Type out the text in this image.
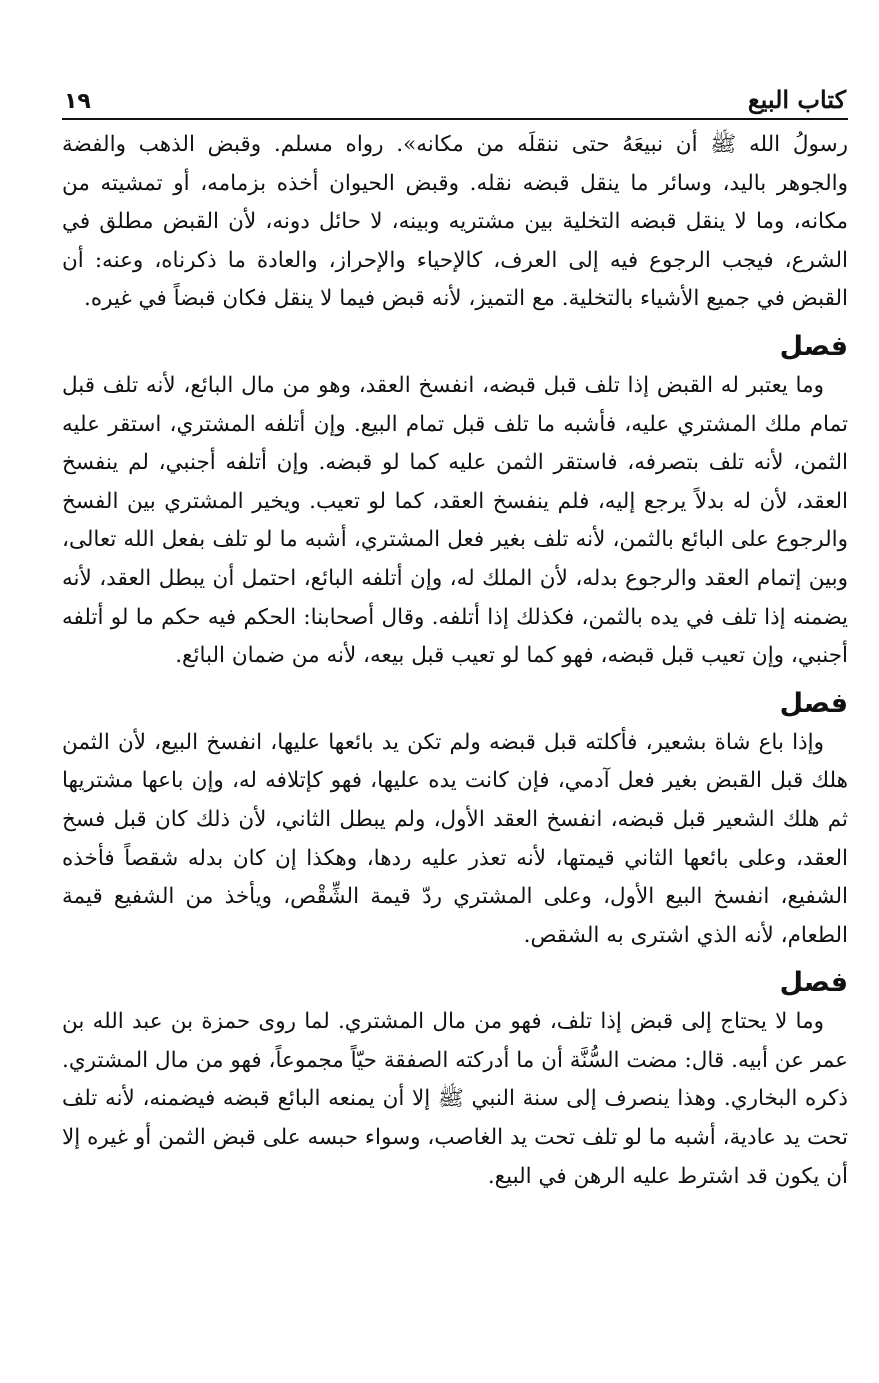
كتاب البيع
١٩

رسولُ الله ﷺ أن نبيعَهُ حتى ننقلَه من مكانه». رواه مسلم. وقبض الذهب والفضة والجوهر باليد، وسائر ما ينقل قبضه نقله. وقبض الحيوان أخذه بزمامه، أو تمشيته من مكانه، وما لا ينقل قبضه التخلية بين مشتريه وبينه، لا حائل دونه، لأن القبض مطلق في الشرع، فيجب الرجوع فيه إلى العرف، كالإحياء والإحراز، والعادة ما ذكرناه، وعنه: أن القبض في جميع الأشياء بالتخلية. مع التميز، لأنه قبض فيما لا ينقل فكان قبضاً في غيره.

فصل

وما يعتبر له القبض إذا تلف قبل قبضه، انفسخ العقد، وهو من مال البائع، لأنه تلف قبل تمام ملك المشتري عليه، فأشبه ما تلف قبل تمام البيع. وإن أتلفه المشتري، استقر عليه الثمن، لأنه تلف بتصرفه، فاستقر الثمن عليه كما لو قبضه. وإن أتلفه أجنبي، لم ينفسخ العقد، لأن له بدلاً يرجع إليه، فلم ينفسخ العقد، كما لو تعيب. ويخير المشتري بين الفسخ والرجوع على البائع بالثمن، لأنه تلف بغير فعل المشتري، أشبه ما لو تلف بفعل الله تعالى، وبين إتمام العقد والرجوع بدله، لأن الملك له، وإن أتلفه البائع، احتمل أن يبطل العقد، لأنه يضمنه إذا تلف في يده بالثمن، فكذلك إذا أتلفه. وقال أصحابنا: الحكم فيه حكم ما لو أتلفه أجنبي، وإن تعيب قبل قبضه، فهو كما لو تعيب قبل بيعه، لأنه من ضمان البائع.

فصل

وإذا باع شاة بشعير، فأكلته قبل قبضه ولم تكن يد بائعها عليها، انفسخ البيع، لأن الثمن هلك قبل القبض بغير فعل آدمي، فإن كانت يده عليها، فهو كإتلافه له، وإن باعها مشتريها ثم هلك الشعير قبل قبضه، انفسخ العقد الأول، ولم يبطل الثاني، لأن ذلك كان قبل فسخ العقد، وعلى بائعها الثاني قيمتها، لأنه تعذر عليه ردها، وهكذا إن كان بدله شقصاً فأخذه الشفيع، انفسخ البيع الأول، وعلى المشتري ردّ قيمة الشِّقْص، ويأخذ من الشفيع قيمة الطعام، لأنه الذي اشترى به الشقص.

فصل

وما لا يحتاج إلى قبض إذا تلف، فهو من مال المشتري. لما روى حمزة بن عبد الله بن عمر عن أبيه. قال: مضت السُّنَّة أن ما أدركته الصفقة حيّاً مجموعاً، فهو من مال المشتري. ذكره البخاري. وهذا ينصرف إلى سنة النبي ﷺ إلا أن يمنعه البائع قبضه فيضمنه، لأنه تلف تحت يد عادية، أشبه ما لو تلف تحت يد الغاصب، وسواء حبسه على قبض الثمن أو غيره إلا أن يكون قد اشترط عليه الرهن في البيع.
